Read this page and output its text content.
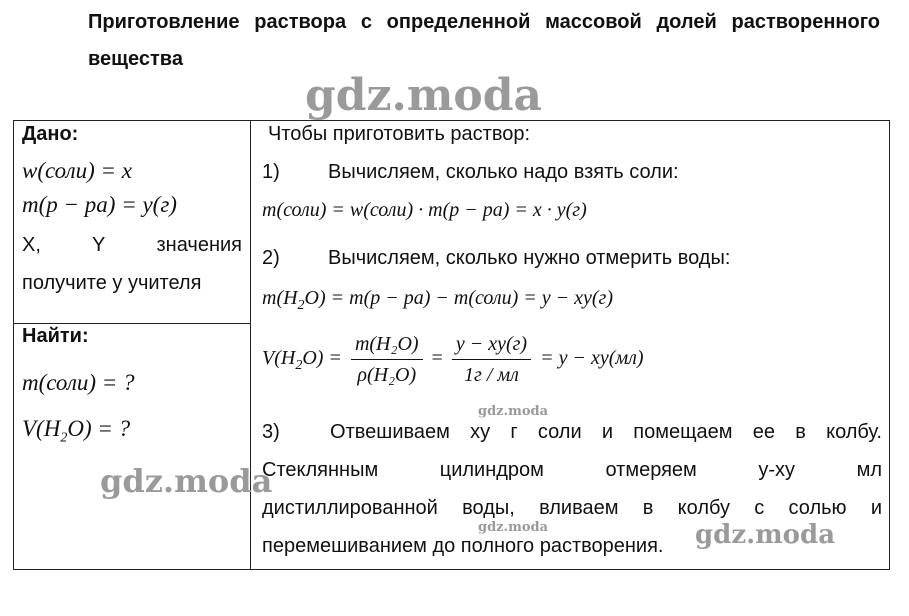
Приготовление раствора с определенной массовой долей растворенного вещества
Дано:
w(соли) = x
m(р − ра) = y(г)
X, Y значения
получите у учителя
Найти:
m(соли) = ?
$V(H_2O)$ = ?
Чтобы приготовить раствор:
1) Вычисляем, сколько надо взять соли:
m(соли) = w(соли) · m(р − ра) = x · y(г)
2) Вычисляем, сколько нужно отмерить воды:
$m(H_2O) = m(р - ра)$ − m(соли) = y − xy(г)
$V(H_2O) = \frac{\text{m(H₂O)}}{\text{ρ(H₂O)}} = \frac{y - xy(г)}{1г / мл} = y - xy(мл)$
3)	Отвешиваем xy г соли и помещаем ее в колбу.
Стеклянным цилиндром отмеряем y-xy мл
дистиллированной воды, вливаем в колбу с солью и
перемешиванием до полного растворения.
gdz.moda
gdz.moda
gdz.moda
gdz.moda
gdz.moda
